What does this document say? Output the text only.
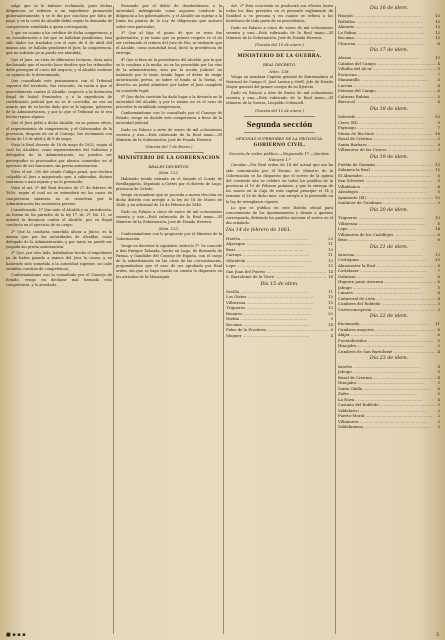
salga que se le hubiere reclamado, pues dichas diligencias se refieren a un expediente promovido gubernativamente, y se le dio por concluso por falta de pago; y en la corte de Alcalde debió seguir la demanda de competencia entablada a quien corresponda;

Y que en cuanto a los créditos de dicha competencia, y en consideración a los que se hallaban pendientes, han sido dados los traslados con el auto de 6 de abril del mismo año, se hallaba pendiente el Juez, la competencia, que no subsiste ya ni puede ser atendida;

Que el Juez, en vista de diferentes lecturas, dicta auto declarando que el escrito hace desdice que los tribunales debe proseguir el curso del negocio; y el Alcalde sostiene su opinión de lo determinado;

Que consultado este pensamiento con el Tribunal superior del territorio, fue revocado, en razón a que el procedimiento contra el Alcalde, respecto a la detención ilegal de Isabel Fernández, y a la expedición de certificación judicial que no se le concedía, no era un asunto que de su hecho dado que se le supone, gobierno de la Administración, y por lo que el Tribunal no le era hecho reparo alguno:

Que el Juez pidió a dicho Alcalde, en su primer oficio, el requerimiento de competencia; y el Gobernador de la provincia, después de oír al Consejo, fue reclamado con fecha de 15 de abril y de 8 de mayo;

Vista la Real decreto de 18 de mayo de 1852, según el cual los Alcaldes, como representantes del Gobierno y delegados de la Administración, no pueden ser perseguidos ni procesados por abusos cometidos en el ejercicio de sus funciones, sin previa autorización:

Visto el art. 290 del citado Código penal, que declara culpable al Juez o magistrado que, a sabiendas, dictare sentencia o auto injusto y no lo prevenido:

Visto el art. 3º del Real decreto de 27 de febrero de 1850, según el cual no se entenderá en los casos de competencia mientras no se resuelvan por la Administración las cuestiones previas:

Considerando: 1º Que ante el Alcalde y su jurisdicción, en forma de los párrafos de la ley 1ª, tit. 2º, lib. 11, se intentó la denuncia contra el Alcalde, por su ilegal conducta en el ejercicio de su cargo:

2º Que la conducta sometida ahora a Juicio, es la misma que por las autoridades de Alcaldía, como delegado de la Administración, y por tanto no puede ser juzgada sin previa autorización:

3º Que, por otro lado, habiéndose hecho el expediente ya de haber pasado a manos del Juez la causa, y no habiendo sido sometida a la autoridad superior, no cabe entablar cuestión de competencia;

Conformándome con lo consultado por el Consejo de Estado, vengo en declarar mal formada esta competencia, y lo acordado.

Fernando por el delito de desobediencia a la autoridad, infringiendo como suponen conducir la diligencia a los gobernadores, y el Alcalde sin sujetar a la Junta los puntos de la Ley de diligencias que sostuvo sobre este particular;

3º Que al fijar el punto de que se trata fue gubernativo, y en tanto que su primer respeto es el de ser reclamado el crimen del Juez de Paz, se entiende que el Alcalde, como autoridad local, dictó la providencia de entrega:

4º Que si bien en la providencia del Alcalde, por la que se le condena a la multa, no se ha procedido por las vías de la administración, sino por la acción judicial, no habiendo por lo tanto tenido lugar el deber de exigir autorización previa, ni sobre el fondo ni la forma, el derecho no podrá admitirse por haber el Juez cumplido su cometido legal:

5º Que dicha cuestión ha dado lugar a la decisión en la autoridad del Alcalde, y por lo mismo no es el caso de preceder la entablada competencia;

Conformándome con lo consultado por el Consejo de Estado, vengo en decidir esta competencia a favor de la autoridad judicial.

Dado en Palacio a siete de enero de mil ochocientos sesenta y uno.—Está rubricado de la Real mano.—El Ministro de la Gobernación, José de Posada Herrera.

(Gaceta del 7 de Enero.)
MINISTERIO DE LA GOBERNACION
REALES DECRETOS.
Núm. 122.

Habiendo tenido entrada en el Senado el Conde de Revillagigedo, Diputado a Cortes por el distrito de Lugo, provincia de Oviedo,

Vengo en nombrar que se proceda a nueva elección en dicho distrito con arreglo a la ley de 18 de Marzo de 1846, y en adicional de 16 de Febrero de 1849.

Dado en Palacio a cinco de enero de mil ochocientos sesenta y uno.—Está rubricado de la Real mano.—El Ministro de la Gobernación, José de Posada Herrera.

Núm. 123.

Conformándome con lo propuesto por el Ministro de la Gobernación,

Vengo en decretar lo siguiente: Artículo 1º. Se concede a don Enrique Taboada, hecho en Lugo, de Bernardo de Parma, y Gandiabe del Consejo de España, con el cargo de la subordinación en las otras de las circunstancias, proponiéndose que el caso de ser aprobado por Real orden, sin que se haya tenido en cuenta lo dispuesto en los artículos de la Monarquía.

Art. 2º Esta concesión se producirá sus efectos hasta todos los días previstos en el presente reglamento de Sanidad a su persona y en cuanto se refiera a los herederos de toda parte de su procedencia.

Dado en Palacio a cinco de enero de mil ochocientos sesenta y uno.—Está rubricado de la Real mano.—El Ministro de la Gobernación, José de Posada Herrera.

(Gaceta del 10 de enero.)
MINISTERIO DE LA GUERRA.
REAL DECRETO.
Núm. 128.

Vengo en nombrar Capitán general de Extremadura al Mariscal de Campo D. José Lavina y Orell, Jefe de Estado Mayor general del primer cuerpo de su Ejército.

Dado en Palacio a diez de Enero de mil ochocientos sesenta y uno.—Está rubricado de la Real mano.—El Ministro de la Guerra, Leopoldo O'donnell.

(Gaceta del 12 de enero.)
Segunda sección
OFICINAS SUPERIORES DE LA PROVINCIA.
GOBIERNO CIVIL.
Sección de orden público.—Negociado 1º.—Quintas.
Número 1.º

Circular.—Por Real orden de 14 del actual que me ha sido comunicada por el Excmo. Sr. Ministro de la Gobernación se ha dispuesto que el sorteo de la quinta del corriente año se celebre en todos los pueblos de la provincia el 10 de Febrero próximo, y que la entrega de los mozos en la Caja de esta capital principie el 14 y termine el 28 de dicho mes, con arreglo a lo prevenido en la ley de reemplazos vigente.

Lo que se publica en este Boletín oficial para conocimiento de los Ayuntamientos y demás a quienes corresponda, debiendo los pueblos ejecutar el sorteo en el día señalado.

Día 14 de febrero de 1861.
Huelva .....	23
Aljaraque .....	11
Beas .....	10
Cartaya .....	11
Gibraleón .....	13
Lepe .....	13
San Juan del Puerto .....	14
S. Bartolomé de la Torre .....	14
Día 15 de idem.
Sevilla .....	11
Los Gistes .....	15
Villarrasa .....	10
Trigueros .....	13
Bonares .....	20
Niebla .....	5
Rociana .....	14
Palos de la Frontera .....	8
Moguer .....	4
Día 16 de idem.
Hinojos .....	13
Bollullos .....	15
Almonte .....	13
La Palma .....	12
Rociana .....	15
Chucena .....	6
Día 17 de idem.
Alosno .....	13
Calañas del Campo .....	4
Villalba del Alcor .....	5
Escacena .....	7
Manzanilla .....	5
Lucena .....	4
Paterna del Campo .....	6
Cabezas Rubias .....	5
Berrocal .....	4
Día 18 de idem.
Valverde .....	20
Cerro (El) .....	9
Paymogo .....	7
Minas de Rio-tinto .....	18
Rosal de Cristina .....	5
Santa Barbara .....	8
Villanueva de las Cruces .....	3
Día 19 de idem.
Puebla de Guzmán .....	13
Zalamea la Real .....	15
El Almendro .....	6
San Silvestre .....	5
Villablanca .....	4
Alosdegra .....	5
Ayamonte (El) .....	13
Sanlúcar de Guadiana .....	3
Día 20 de idem.
Trigueros .....	13
Villarrasa .....	8
Lepe .....	14
Villanueva de los Castillejos .....	6
Beas .....	6
Día 21 de idem.
Aracena .....	13
Cortegana .....	10
Almonaster la Real .....	8
Cortelazor .....	7
Galaroza .....	6
Higuera junto Aracena .....	6
Jabugo .....	5
Linares .....	4
Cañaveral de León .....	4
Cumbres del Robledo .....	3
Corteconcepción .....	3
Día 22 de idem.
Encinasola .....	11
Cumbres mayores .....	8
Alájar .....	6
Fuenteheridos .....	5
Hinojales .....	3
Cumbres de San Bartolomé .....	4
Día 23 de idem.
Aroche .....	8
Jabugo .....	5
Rosal de Cristina .....	4
Hinojales .....	3
Santa Olalla .....	6
Zufre .....	5
La Nava .....	4
Castaño del Robledo .....	3
Valdelarco .....	3
Puerto-Moral .....	2
Villanueva .....	3
Valdelamusa .....	3
■ ▪ ▪ ▪	3
